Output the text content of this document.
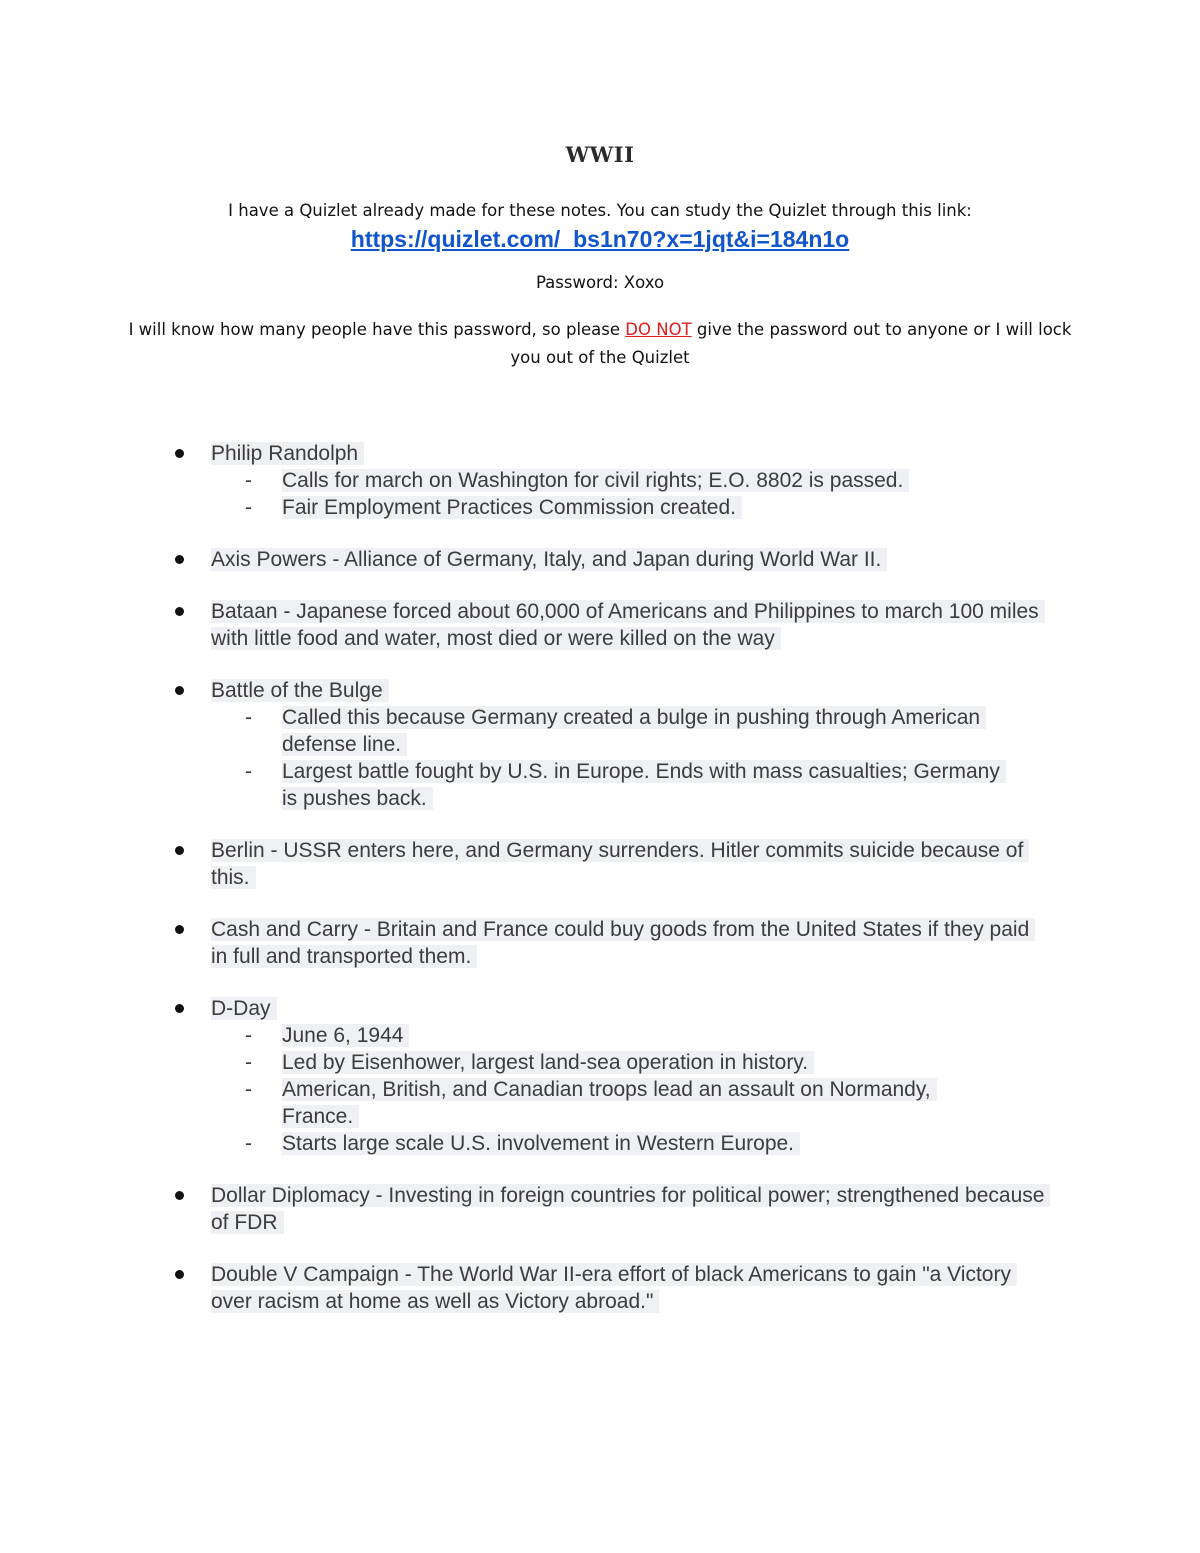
WWII
I have a Quizlet already made for these notes. You can study the Quizlet through this link:
https://quizlet.com/_bs1n70?x=1jqt&i=184n1o
Password: Xoxo
I will know how many people have this password, so please DO NOT give the password out to anyone or I will lock you out of the Quizlet
Philip Randolph
- Calls for march on Washington for civil rights; E.O. 8802 is passed.
- Fair Employment Practices Commission created.
Axis Powers - Alliance of Germany, Italy, and Japan during World War II.
Bataan - Japanese forced about 60,000 of Americans and Philippines to march 100 miles with little food and water, most died or were killed on the way
Battle of the Bulge
- Called this because Germany created a bulge in pushing through American defense line.
- Largest battle fought by U.S. in Europe. Ends with mass casualties; Germany is pushes back.
Berlin - USSR enters here, and Germany surrenders. Hitler commits suicide because of this.
Cash and Carry - Britain and France could buy goods from the United States if they paid in full and transported them.
D-Day
- June 6, 1944
- Led by Eisenhower, largest land-sea operation in history.
- American, British, and Canadian troops lead an assault on Normandy, France.
- Starts large scale U.S. involvement in Western Europe.
Dollar Diplomacy - Investing in foreign countries for political power; strengthened because of FDR
Double V Campaign - The World War II-era effort of black Americans to gain "a Victory over racism at home as well as Victory abroad."
